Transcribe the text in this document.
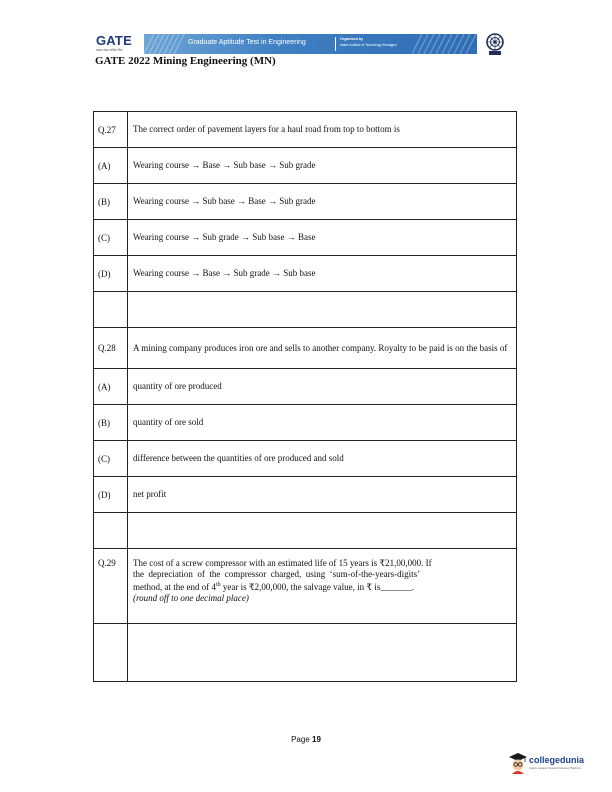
GATE
प्रसंशा अध्य अथिया जिन
Graduate Aptitude Test in Engineering	Organised by
Indian Institute of Technology Kharagpur
GATE 2022 Mining Engineering (MN)
Q.27	The correct order of pavement layers for a haul road from top to bottom is
(A)	Wearing course → Base → Sub base → Sub grade
(B)	Wearing course → Sub base → Base → Sub grade
(C)	Wearing course → Sub grade → Sub base → Base
(D)	Wearing course → Base → Sub grade → Sub base

Q.28	A mining company produces iron ore and sells to another company. Royalty to be paid is on the basis of
(A)	quantity of ore produced
(B)	quantity of ore sold
(C)	difference between the quantities of ore produced and sold
(D)	net profit

Q.29	The cost of a screw compressor with an estimated life of 15 years is ₹21,00,000. If
the depreciation of the compressor charged, using ‘sum-of-the-years-digits’
method, at the end of 4th year is ₹2,00,000, the salvage value, in ₹ is_______.
(round off to one decimal place)

Page 19
collegedunia
India's largest Student Review Platform
